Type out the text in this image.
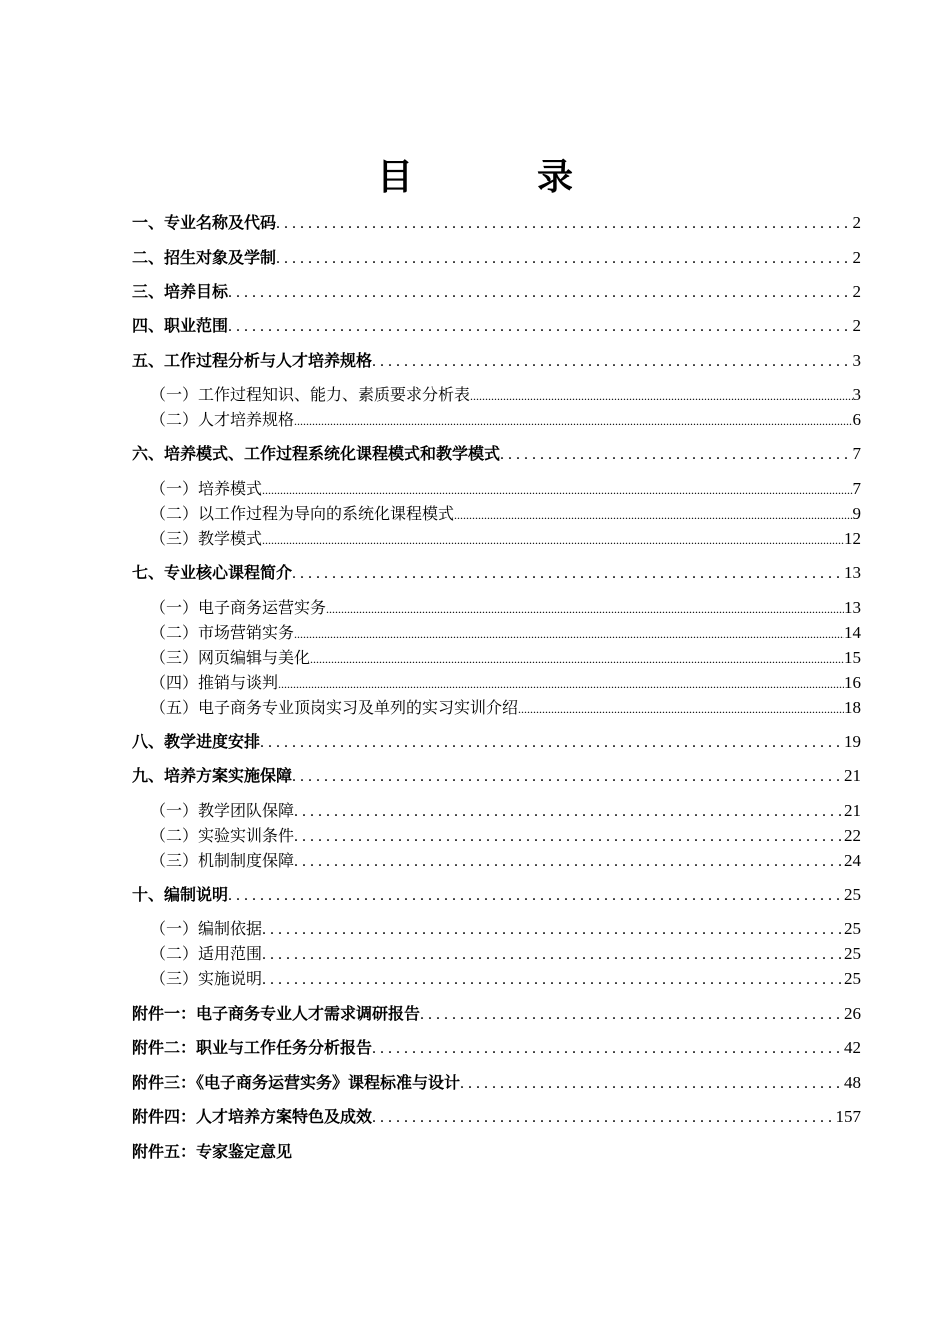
目　录
一、专业名称及代码 . . .	2
二、招生对象及学制 . . .	2
三、培养目标 . . .	2
四、职业范围 . . .	2
五、工作过程分析与人才培养规格 . . .	3
（一）工作过程知识、能力、素质要求分析表 .....	3
（二）人才培养规格 .....	6
六、培养模式、工作过程系统化课程模式和教学模式 . . .	7
（一）培养模式 .....	7
（二）以工作过程为导向的系统化课程模式 .....	9
（三）教学模式 .....	12
七、专业核心课程简介 . . .	13
（一）电子商务运营实务 .....	13
（二）市场营销实务 .....	14
（三）网页编辑与美化 .....	15
（四）推销与谈判 .....	16
（五）电子商务专业顶岗实习及单列的实习实训介绍 .....	18
八、教学进度安排 . . .	19
九、培养方案实施保障 . . .	21
（一）教学团队保障 . . .	21
（二）实验实训条件 . . .	22
（三）机制制度保障 . . .	24
十、编制说明 . . .	25
（一）编制依据 . . .	25
（二）适用范围 . . .	25
（三）实施说明 . . .	25
附件一：电子商务专业人才需求调研报告 . . .	26
附件二：职业与工作任务分析报告 . . .	42
附件三：《电子商务运营实务》课程标准与设计 . . .	48
附件四：人才培养方案特色及成效 . . .	157
附件五：专家鉴定意见
